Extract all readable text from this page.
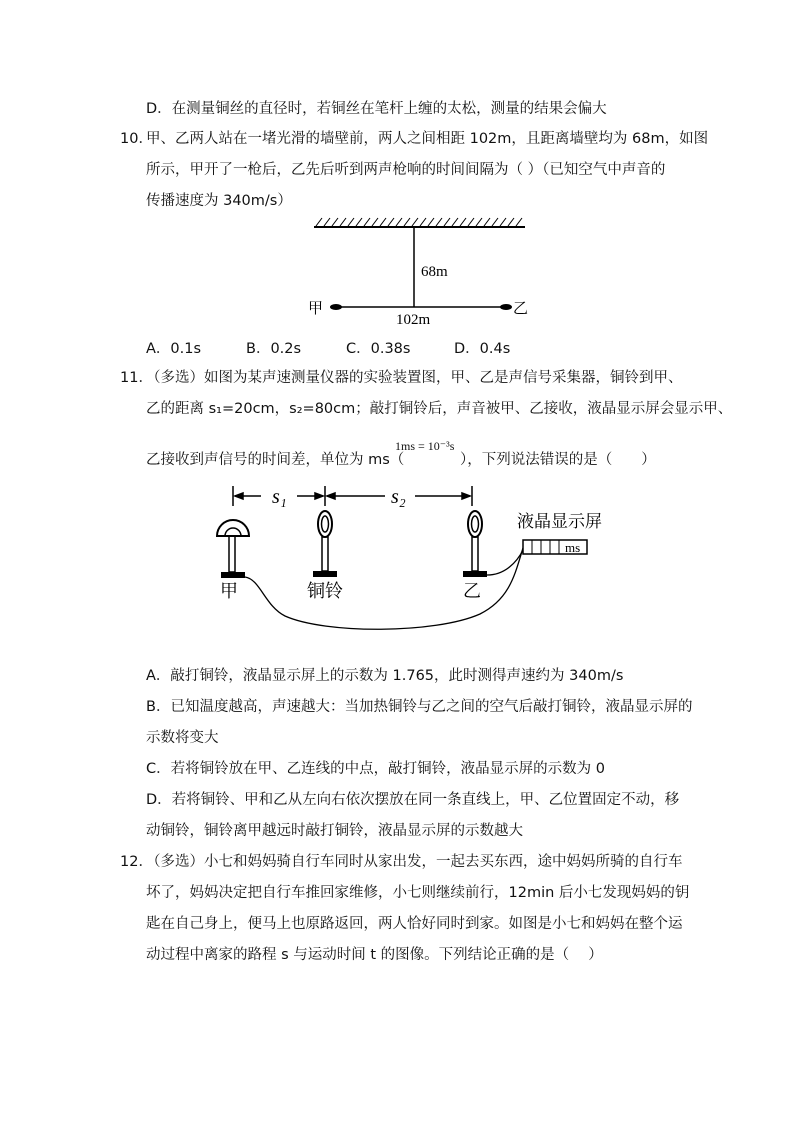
D．在测量铜丝的直径时，若铜丝在笔杆上缠的太松，测量的结果会偏大
10．
甲、乙两人站在一堵光滑的墙壁前，两人之间相距 102m，且距离墙壁均为 68m，如图
所示，甲开了一枪后，乙先后听到两声枪响的时间间隔为（ ）（已知空气中声音的
传播速度为 340m/s）
68m
102m
甲	乙
A．0.1s	B．0.2s	C．0.38s	D．0.4s
11．
（多选）如图为某声速测量仪器的实验装置图，甲、乙是声信号采集器，铜铃到甲、
乙的距离 s₁=20cm，s₂=80cm；敲打铜铃后，声音被甲、乙接收，液晶显示屏会显示甲、
1ms = 10⁻³s
乙接收到声信号的时间差，单位为 ms（	），下列说法错误的是（　　）
s₁	s₂
ms
液晶显示屏
甲	铜铃	乙
A．敲打铜铃，液晶显示屏上的示数为 1.765，此时测得声速约为 340m/s
B．已知温度越高，声速越大：当加热铜铃与乙之间的空气后敲打铜铃，液晶显示屏的
示数将变大
C．若将铜铃放在甲、乙连线的中点，敲打铜铃，液晶显示屏的示数为 0
D．若将铜铃、甲和乙从左向右依次摆放在同一条直线上，甲、乙位置固定不动，移
动铜铃，铜铃离甲越远时敲打铜铃，液晶显示屏的示数越大
12．
（多选）小七和妈妈骑自行车同时从家出发，一起去买东西，途中妈妈所骑的自行车
坏了，妈妈决定把自行车推回家维修，小七则继续前行，12min 后小七发现妈妈的钥
匙在自己身上，便马上也原路返回，两人恰好同时到家。如图是小七和妈妈在整个运
动过程中离家的路程 s 与运动时间 t 的图像。下列结论正确的是（　 ）
